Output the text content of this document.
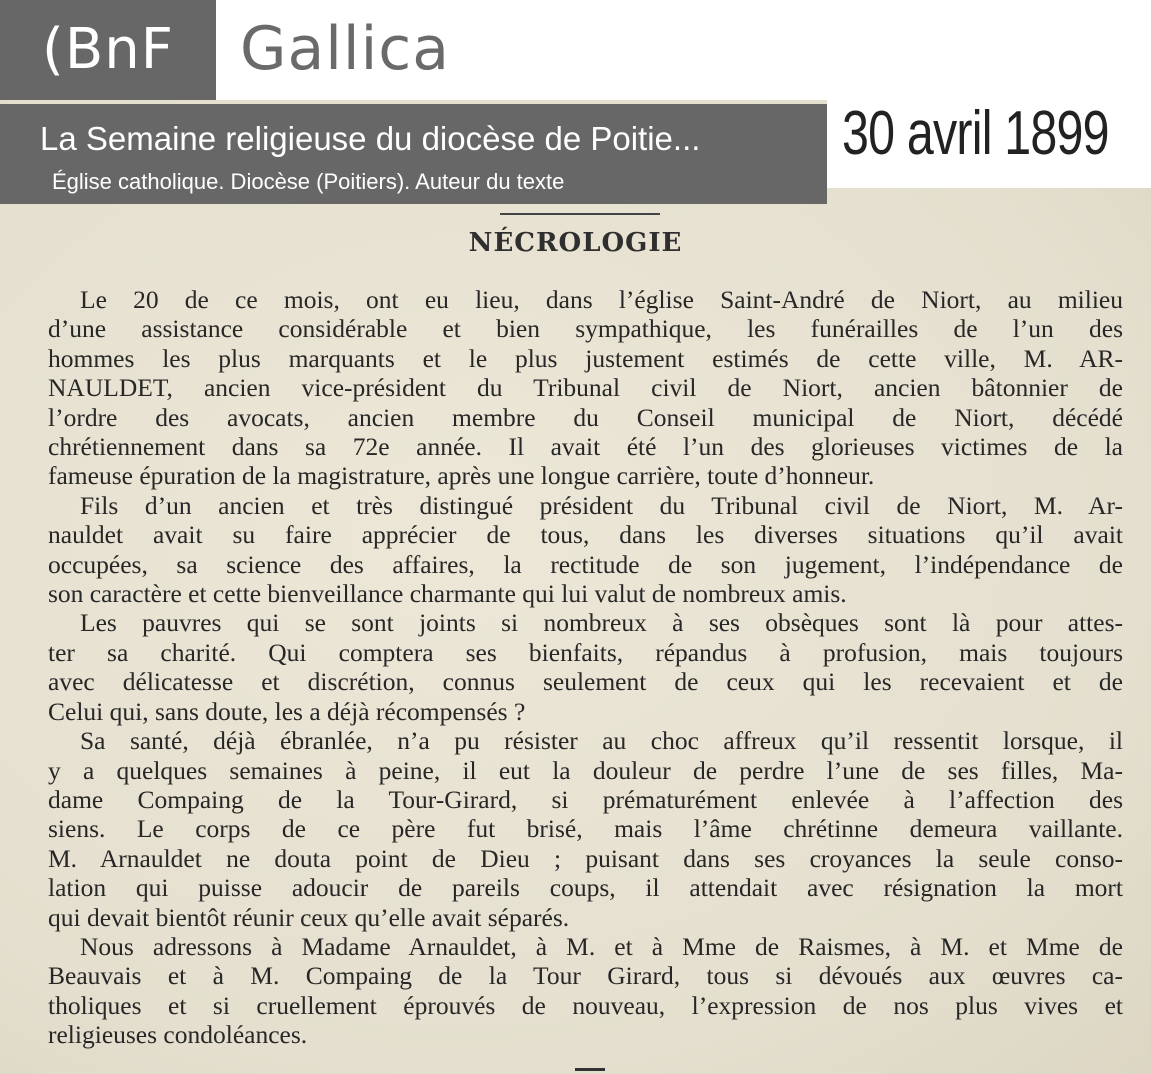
NÉCROLOGIE
Le 20 de ce mois, ont eu lieu, dans l’église Saint-André de Niort, au milieu
d’une assistance considérable et bien sympathique, les funérailles de l’un des
hommes les plus marquants et le plus justement estimés de cette ville, M. AR-
NAULDET, ancien vice-président du Tribunal civil de Niort, ancien bâtonnier de
l’ordre des avocats, ancien membre du Conseil municipal de Niort, décédé
chrétiennement dans sa 72e année. Il avait été l’un des glorieuses victimes de la
fameuse épuration de la magistrature, après une longue carrière, toute d’honneur.
Fils d’un ancien et très distingué président du Tribunal civil de Niort, M. Ar-
nauldet avait su faire apprécier de tous, dans les diverses situations qu’il avait
occupées, sa science des affaires, la rectitude de son jugement, l’indépendance de
son caractère et cette bienveillance charmante qui lui valut de nombreux amis.
Les pauvres qui se sont joints si nombreux à ses obsèques sont là pour attes-
ter sa charité. Qui comptera ses bienfaits, répandus à profusion, mais toujours
avec délicatesse et discrétion, connus seulement de ceux qui les recevaient et de
Celui qui, sans doute, les a déjà récompensés ?
Sa santé, déjà ébranlée, n’a pu résister au choc affreux qu’il ressentit lorsque, il
y a quelques semaines à peine, il eut la douleur de perdre l’une de ses filles, Ma-
dame Compaing de la Tour-Girard, si prématurément enlevée à l’affection des
siens. Le corps de ce père fut brisé, mais l’âme chrétinne demeura vaillante.
M. Arnauldet ne douta point de Dieu ; puisant dans ses croyances la seule conso-
lation qui puisse adoucir de pareils coups, il attendait avec résignation la mort
qui devait bientôt réunir ceux qu’elle avait séparés.
Nous adressons à Madame Arnauldet, à M. et à Mme de Raismes, à M. et Mme de
Beauvais et à M. Compaing de la Tour Girard, tous si dévoués aux œuvres ca-
tholiques et si cruellement éprouvés de nouveau, l’expression de nos plus vives et
religieuses condoléances.
(BnF	Gallica
La Semaine religieuse du diocèse de Poitie...
Église catholique. Diocèse (Poitiers). Auteur du texte
30 avril 1899
